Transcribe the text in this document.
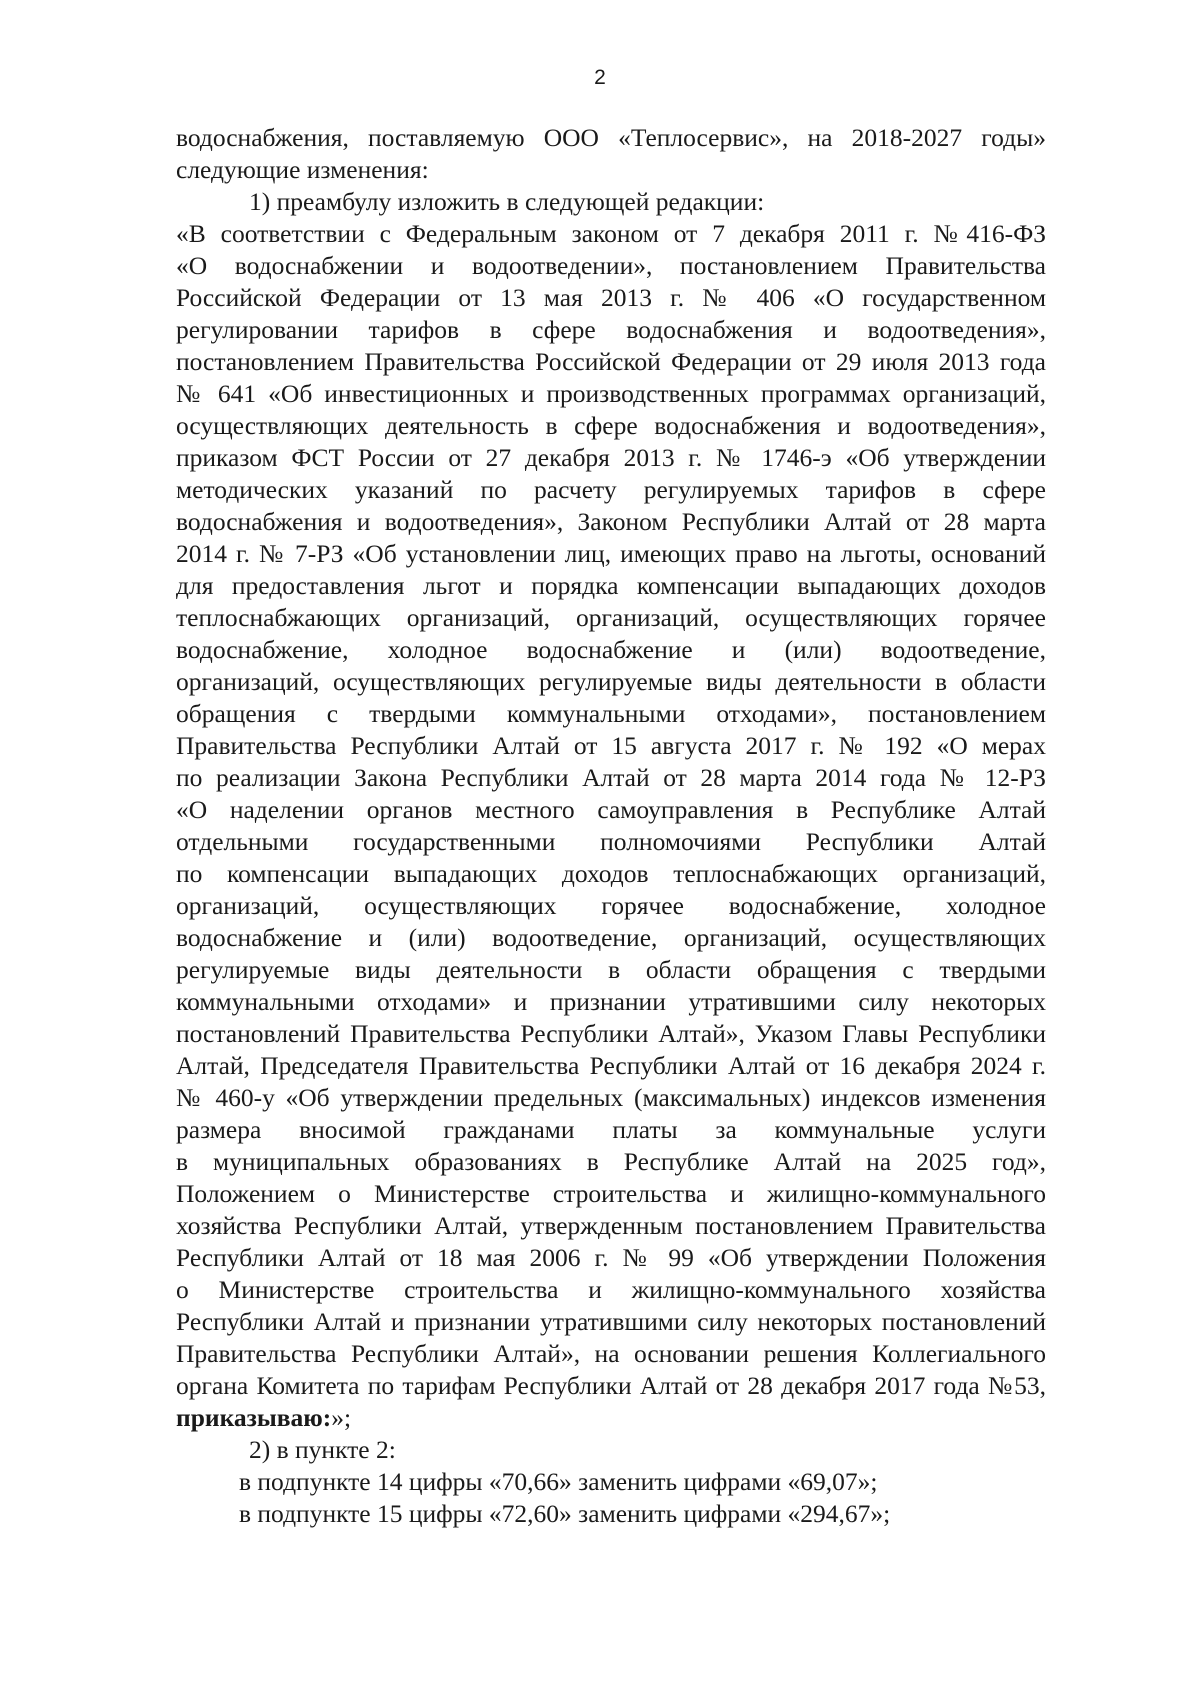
2

водоснабжения, поставляемую ООО «Теплосервис», на 2018-2027 годы»

следующие изменения:

1) преамбулу изложить в следующей редакции:

«В соответствии с Федеральным законом от 7 декабря 2011 г. №416-ФЗ

«О водоснабжении и водоотведении», постановлением Правительства

Российской Федерации от 13 мая 2013 г. № 406 «О государственном

регулировании тарифов в сфере водоснабжения и водоотведения»,

постановлением Правительства Российской Федерации от 29 июля 2013 года

№ 641 «Об инвестиционных и производственных программах организаций,

осуществляющих деятельность в сфере водоснабжения и водоотведения»,

приказом ФСТ России от 27 декабря 2013 г. № 1746-э «Об утверждении

методических указаний по расчету регулируемых тарифов в сфере

водоснабжения и водоотведения», Законом Республики Алтай от 28 марта

2014 г. № 7-РЗ «Об установлении лиц, имеющих право на льготы, оснований

для предоставления льгот и порядка компенсации выпадающих доходов

теплоснабжающих организаций, организаций, осуществляющих горячее

водоснабжение, холодное водоснабжение и (или) водоотведение,

организаций, осуществляющих регулируемые виды деятельности в области

обращения с твердыми коммунальными отходами», постановлением

Правительства Республики Алтай от 15 августа 2017 г. № 192 «О мерах

по реализации Закона Республики Алтай от 28 марта 2014 года № 12-РЗ

«О наделении органов местного самоуправления в Республике Алтай

отдельными государственными полномочиями Республики Алтай

по компенсации выпадающих доходов теплоснабжающих организаций,

организаций, осуществляющих горячее водоснабжение, холодное

водоснабжение и (или) водоотведение, организаций, осуществляющих

регулируемые виды деятельности в области обращения с твердыми

коммунальными отходами» и признании утратившими силу некоторых

постановлений Правительства Республики Алтай», Указом Главы Республики

Алтай, Председателя Правительства Республики Алтай от 16 декабря 2024 г.

№ 460-у «Об утверждении предельных (максимальных) индексов изменения

размера вносимой гражданами платы за коммунальные услуги

в муниципальных образованиях в Республике Алтай на 2025 год»,

Положением о Министерстве строительства и жилищно-коммунального

хозяйства Республики Алтай, утвержденным постановлением Правительства

Республики Алтай от 18 мая 2006 г. № 99 «Об утверждении Положения

о Министерстве строительства и жилищно-коммунального хозяйства

Республики Алтай и признании утратившими силу некоторых постановлений

Правительства Республики Алтай», на основании решения Коллегиального

органа Комитета по тарифам Республики Алтай от 28 декабря 2017 года №53,

приказываю:»;

2) в пункте 2:

в подпункте 14 цифры «70,66» заменить цифрами «69,07»;

в подпункте 15 цифры «72,60» заменить цифрами «294,67»;
